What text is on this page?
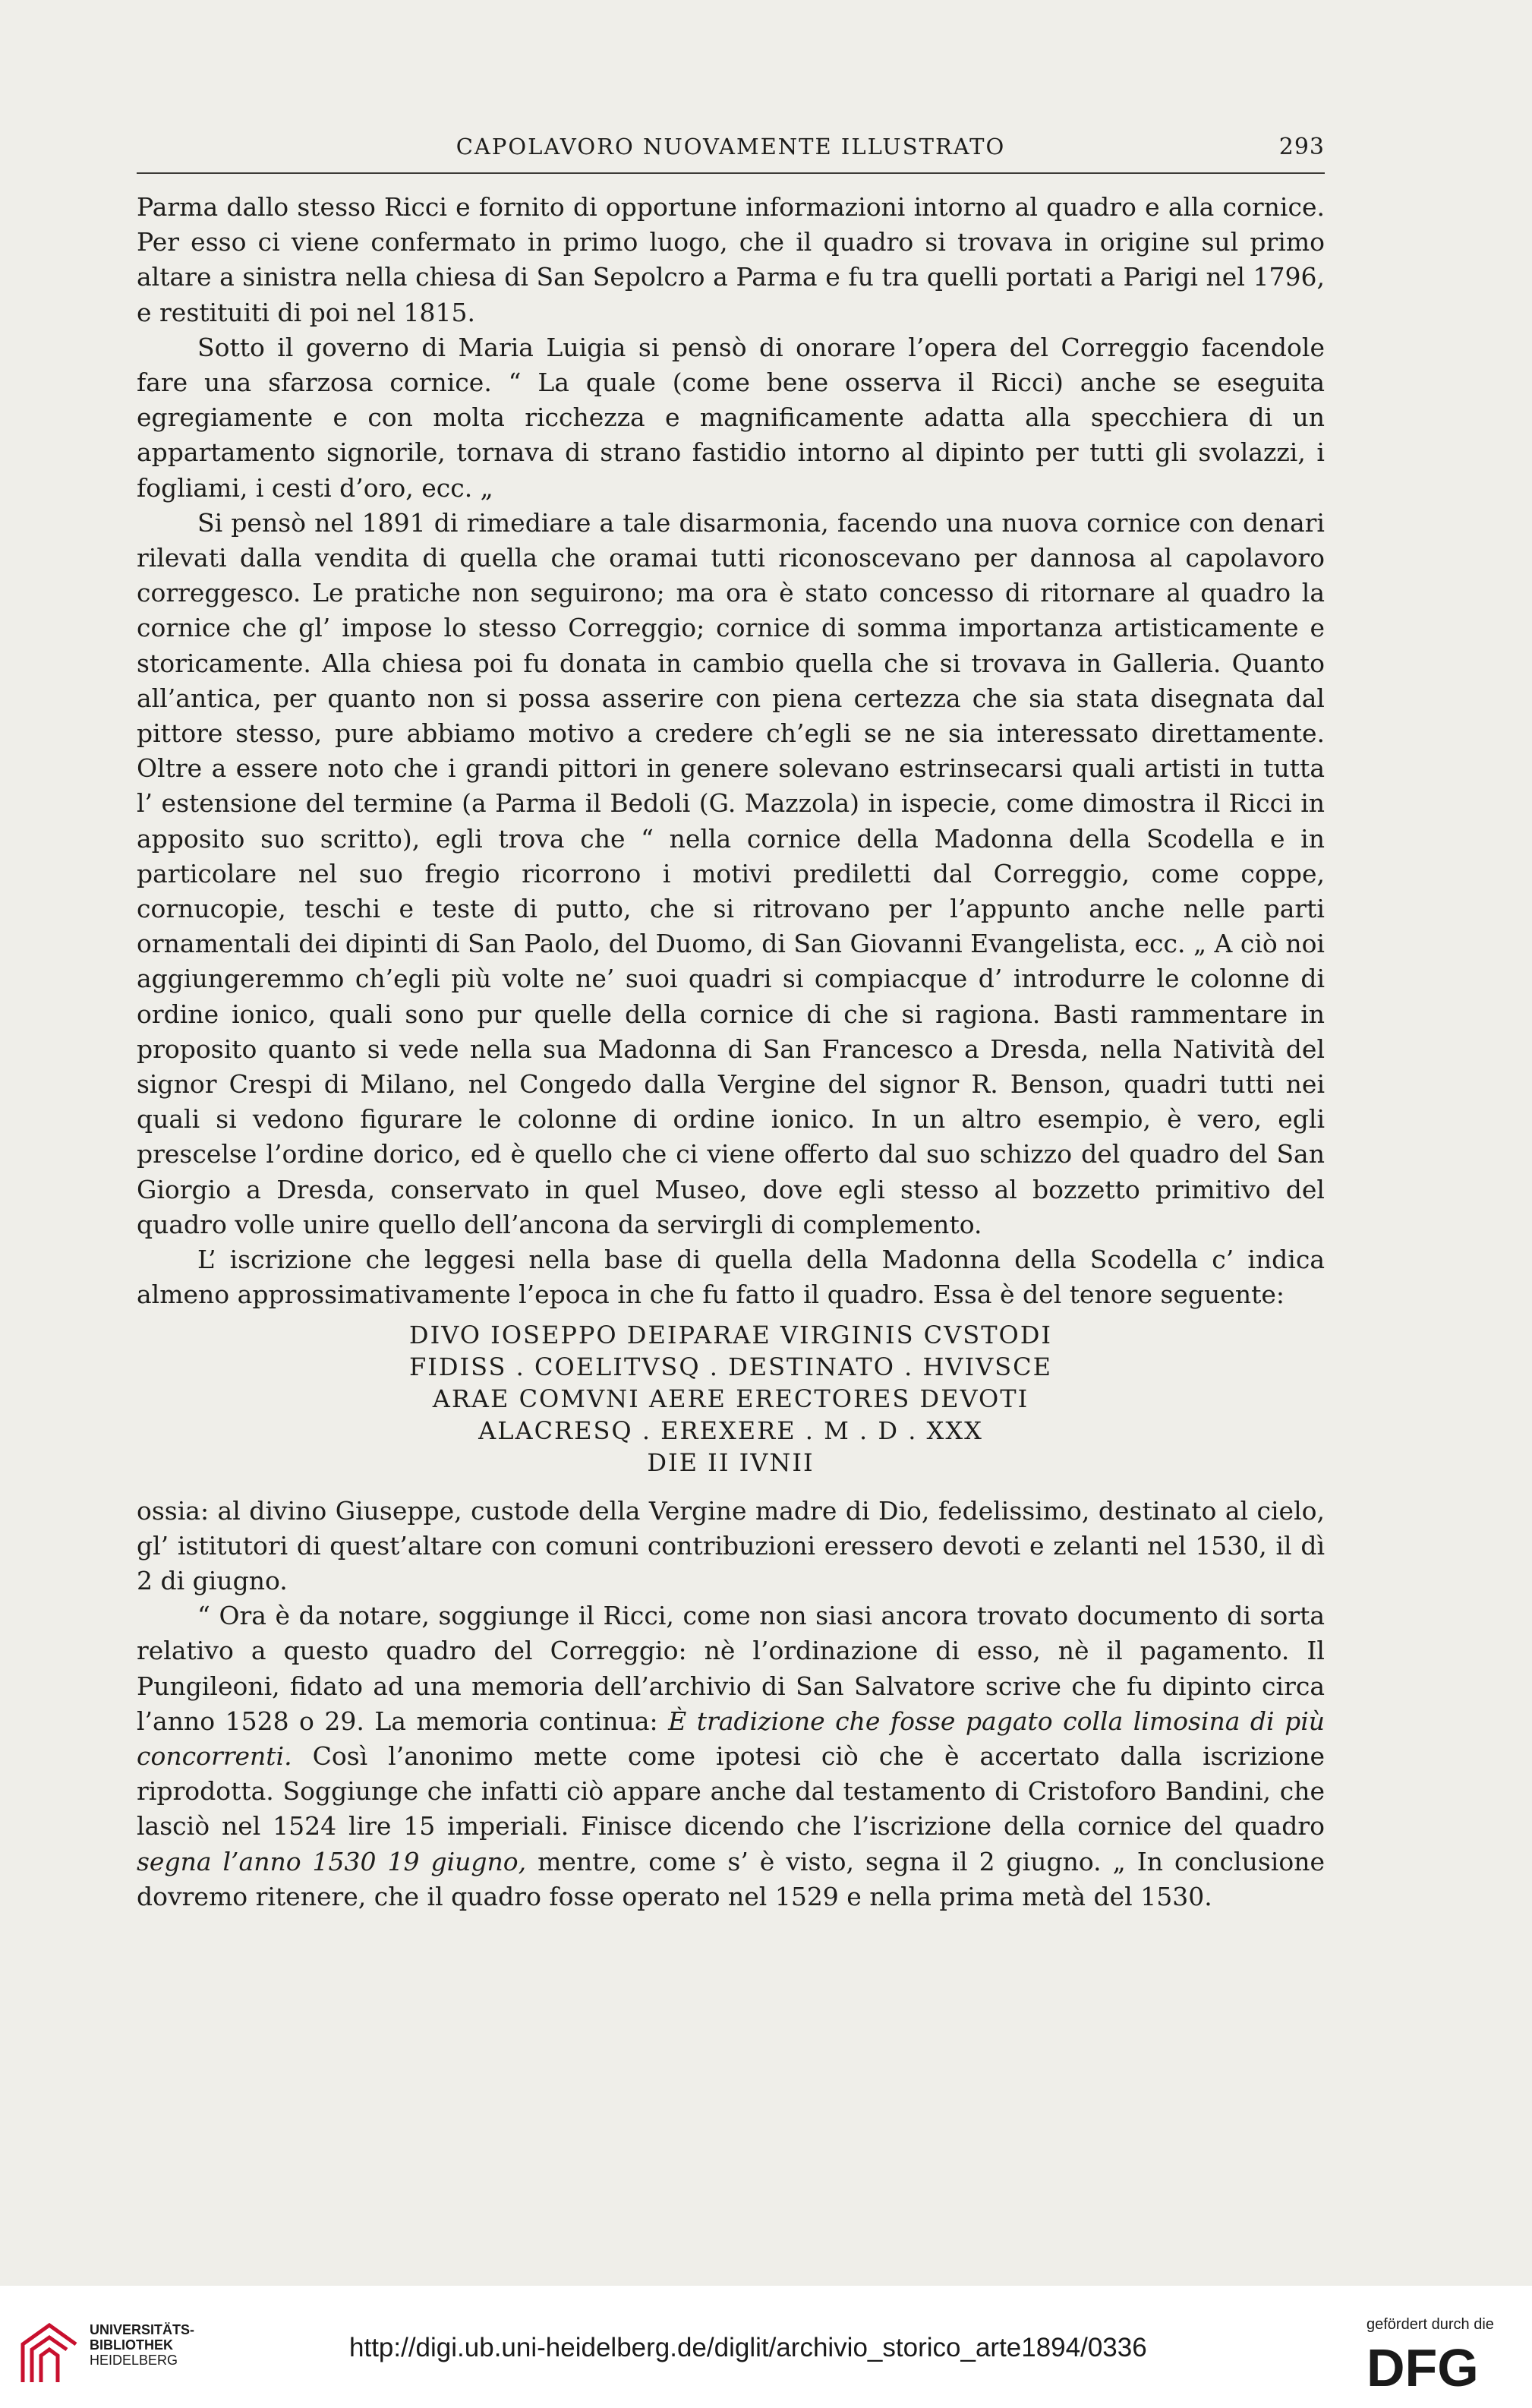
CAPOLAVORO NUOVAMENTE ILLUSTRATO	293

Parma dallo stesso Ricci e fornito di opportune informazioni intorno al quadro e alla cornice. Per esso ci viene confermato in primo luogo, che il quadro si trovava in origine sul primo altare a sinistra nella chiesa di San Sepolcro a Parma e fu tra quelli portati a Parigi nel 1796, e restituiti di poi nel 1815.

Sotto il governo di Maria Luigia si pensò di onorare l’opera del Correggio facendole fare una sfarzosa cornice. “ La quale (come bene osserva il Ricci) anche se eseguita egregiamente e con molta ricchezza e magnificamente adatta alla specchiera di un appartamento signorile, tornava di strano fastidio intorno al dipinto per tutti gli svolazzi, i fogliami, i cesti d’oro, ecc. „

Si pensò nel 1891 di rimediare a tale disarmonia, facendo una nuova cornice con denari rilevati dalla vendita di quella che oramai tutti riconoscevano per dannosa al capolavoro correggesco. Le pratiche non seguirono; ma ora è stato concesso di ritornare al quadro la cornice che gl’ impose lo stesso Correggio; cornice di somma importanza artisticamente e storicamente. Alla chiesa poi fu donata in cambio quella che si trovava in Galleria. Quanto all’antica, per quanto non si possa asserire con piena certezza che sia stata disegnata dal pittore stesso, pure abbiamo motivo a credere ch’egli se ne sia interessato direttamente. Oltre a essere noto che i grandi pittori in genere solevano estrinsecarsi quali artisti in tutta l’ estensione del termine (a Parma il Bedoli (G. Mazzola) in ispecie, come dimostra il Ricci in apposito suo scritto), egli trova che “ nella cornice della Madonna della Scodella e in particolare nel suo fregio ricorrono i motivi prediletti dal Correggio, come coppe, cornucopie, teschi e teste di putto, che si ritrovano per l’appunto anche nelle parti ornamentali dei dipinti di San Paolo, del Duomo, di San Giovanni Evangelista, ecc. „ A ciò noi aggiungeremmo ch’egli più volte ne’ suoi quadri si compiacque d’ introdurre le colonne di ordine ionico, quali sono pur quelle della cornice di che si ragiona. Basti rammentare in proposito quanto si vede nella sua Madonna di San Francesco a Dresda, nella Natività del signor Crespi di Milano, nel Congedo dalla Vergine del signor R. Benson, quadri tutti nei quali si vedono figurare le colonne di ordine ionico. In un altro esempio, è vero, egli prescelse l’ordine dorico, ed è quello che ci viene offerto dal suo schizzo del quadro del San Giorgio a Dresda, conservato in quel Museo, dove egli stesso al bozzetto primitivo del quadro volle unire quello dell’ancona da servirgli di complemento.

L’ iscrizione che leggesi nella base di quella della Madonna della Scodella c’ indica almeno approssimativamente l’epoca in che fu fatto il quadro. Essa è del tenore seguente:

DIVO IOSEPPO DEIPARAE VIRGINIS CVSTODI
FIDISS . COELITVSQ . DESTINATO . HVIVSCE
ARAE COMVNI AERE ERECTORES DEVOTI
ALACRESQ . EREXERE . M . D . XXX
DIE II IVNII

ossia: al divino Giuseppe, custode della Vergine madre di Dio, fedelissimo, destinato al cielo, gl’ istitutori di quest’altare con comuni contribuzioni eressero devoti e zelanti nel 1530, il dì 2 di giugno.

“ Ora è da notare, soggiunge il Ricci, come non siasi ancora trovato documento di sorta relativo a questo quadro del Correggio: nè l’ordinazione di esso, nè il pagamento. Il Pungileoni, fidato ad una memoria dell’archivio di San Salvatore scrive che fu dipinto circa l’anno 1528 o 29. La memoria continua: È tradizione che fosse pagato colla limosina di più concorrenti. Così l’anonimo mette come ipotesi ciò che è accertato dalla iscrizione riprodotta. Soggiunge che infatti ciò appare anche dal testamento di Cristoforo Bandini, che lasciò nel 1524 lire 15 imperiali. Finisce dicendo che l’iscrizione della cornice del quadro segna l’anno 1530 19 giugno, mentre, come s’ è visto, segna il 2 giugno. „ In conclusione dovremo ritenere, che il quadro fosse operato nel 1529 e nella prima metà del 1530.

UNIVERSITÄTS-
BIBLIOTHEK
HEIDELBERG	http://digi.ub.uni-heidelberg.de/diglit/archivio_storico_arte1894/0336
gefördert durch die
DFG
